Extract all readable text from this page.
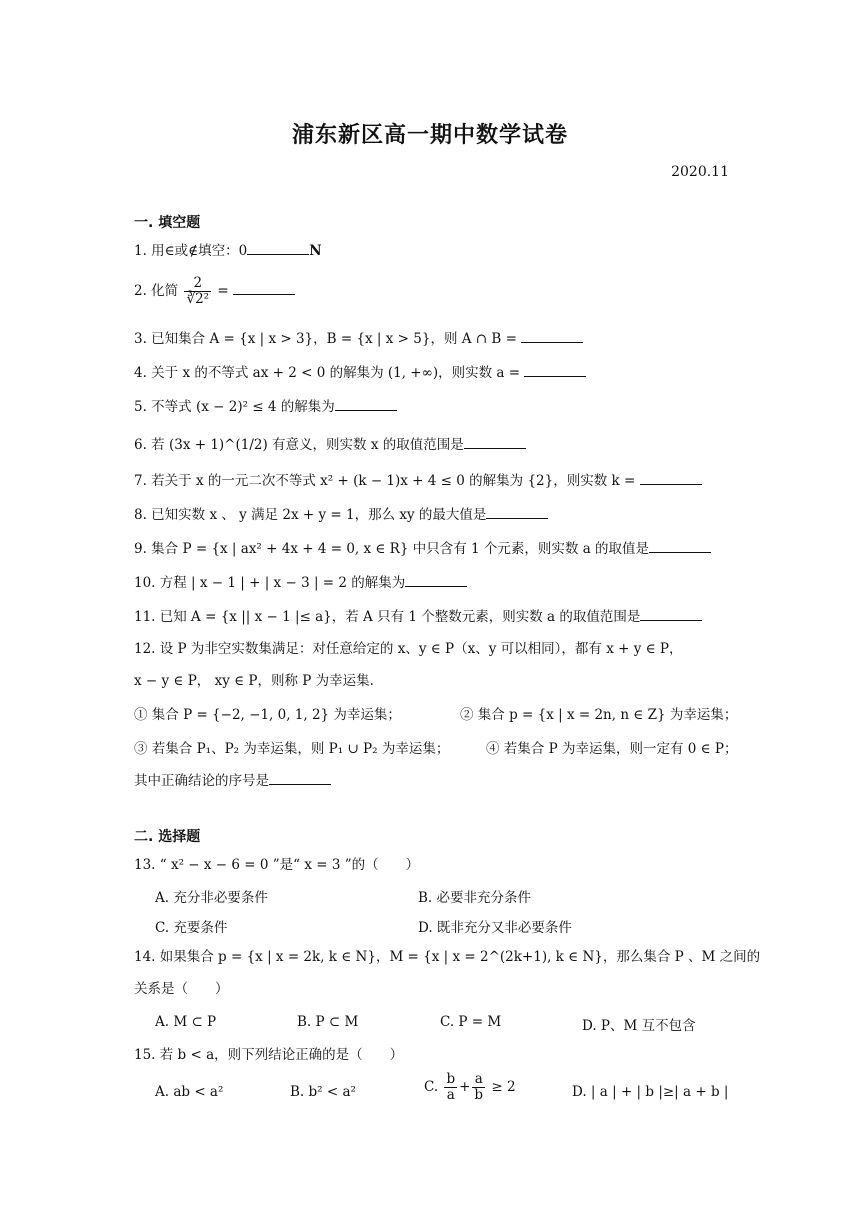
浦东新区高一期中数学试卷
2020.11
一. 填空题
1. 用∈或∉填空：0	N
2. 化简 $\frac{2}{\text{∛2²}}$ =
3. 已知集合 A = {x | x > 3}，B = {x | x > 5}，则 A ∩ B =
4. 关于 x 的不等式 ax + 2 < 0 的解集为 (1, +∞)，则实数 a =
5. 不等式 (x − 2)² ≤ 4 的解集为
6. 若 (3x + 1)^(1/2) 有意义，则实数 x 的取值范围是
7. 若关于 x 的一元二次不等式 x² + (k − 1)x + 4 ≤ 0 的解集为 {2}，则实数 k =
8. 已知实数 x 、 y 满足 2x + y = 1，那么 xy 的最大值是
9. 集合 P = {x | ax² + 4x + 4 = 0, x ∈ R} 中只含有 1 个元素，则实数 a 的取值是
10. 方程 | x − 1 | + | x − 3 | = 2 的解集为
11. 已知 A = {x || x − 1 |≤ a}，若 A 只有 1 个整数元素，则实数 a 的取值范围是
12. 设 P 为非空实数集满足：对任意给定的 x、y ∈ P（x、y 可以相同），都有 x + y ∈ P，
x − y ∈ P， xy ∈ P，则称 P 为幸运集.
① 集合 P = {−2, −1, 0, 1, 2} 为幸运集；	② 集合 p = {x | x = 2n, n ∈ Z} 为幸运集；
③ 若集合 P₁、P₂ 为幸运集，则 P₁ ∪ P₂ 为幸运集；	④ 若集合 P 为幸运集，则一定有 0 ∈ P；
其中正确结论的序号是
二. 选择题
13. “ x² − x − 6 = 0 ”是“ x = 3 ”的（　　）
A. 充分非必要条件	B. 必要非充分条件
C. 充要条件	D. 既非充分又非必要条件
14. 如果集合 p = {x | x = 2k, k ∈ N}，M = {x | x = 2^(2k+1), k ∈ N}，那么集合 P 、M 之间的
关系是（　　）
A. M ⊂ P	B. P ⊂ M	C. P = M	D. P、M 互不包含
15. 若 b < a，则下列结论正确的是（　　）
A. ab < a²	B. b² < a²	C. $\frac{b}{a} + \frac{a}{b} \ge 2$	D. | a | + | b |≥| a + b |
